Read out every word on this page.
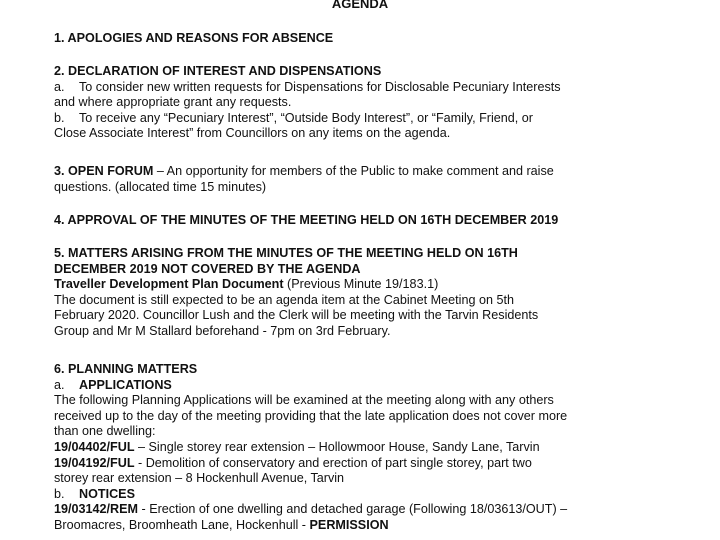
AGENDA
1. APOLOGIES AND REASONS FOR ABSENCE

2. DECLARATION OF INTEREST AND DISPENSATIONS

a. To consider new written requests for Dispensations for Disclosable Pecuniary Interests

and where appropriate grant any requests.

b. To receive any “Pecuniary Interest”, “Outside Body Interest”, or “Family, Friend, or

Close Associate Interest” from Councillors on any items on the agenda.

3. OPEN FORUM – An opportunity for members of the Public to make comment and raise

questions. (allocated time 15 minutes)

4. APPROVAL OF THE MINUTES OF THE MEETING HELD ON 16TH DECEMBER 2019

5. MATTERS ARISING FROM THE MINUTES OF THE MEETING HELD ON 16TH

DECEMBER 2019 NOT COVERED BY THE AGENDA

Traveller Development Plan Document (Previous Minute 19/183.1)

The document is still expected to be an agenda item at the Cabinet Meeting on 5th

February 2020. Councillor Lush and the Clerk will be meeting with the Tarvin Residents

Group and Mr M Stallard beforehand - 7pm on 3rd February.

6. PLANNING MATTERS

a. APPLICATIONS

The following Planning Applications will be examined at the meeting along with any others

received up to the day of the meeting providing that the late application does not cover more

than one dwelling:

19/04402/FUL – Single storey rear extension – Hollowmoor House, Sandy Lane, Tarvin

19/04192/FUL - Demolition of conservatory and erection of part single storey, part two

storey rear extension – 8 Hockenhull Avenue, Tarvin

b. NOTICES

19/03142/REM - Erection of one dwelling and detached garage (Following 18/03613/OUT) –

Broomacres, Broomheath Lane, Hockenhull - PERMISSION
